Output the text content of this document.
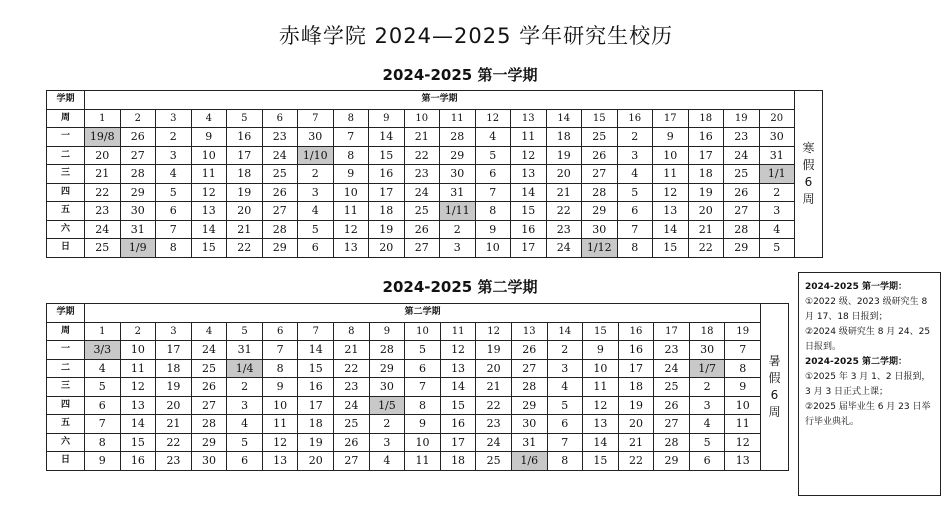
赤峰学院 2024—2025 学年研究生校历
2024-2025 第一学期
学期	第一学期																				寒
假
6
周

周	1	2	3	4	5	6	7	8	9	10	11	12	13	14	15	16	17	18	19	20	
一	19/8	26	2	9	16	23	30	7	14	21	28	4	11	18	25	2	9	16	23	30	
二	20	27	3	10	17	24	1/10	8	15	22	29	5	12	19	26	3	10	17	24	31	
三	21	28	4	11	18	25	2	9	16	23	30	6	13	20	27	4	11	18	25	1/1	
四	22	29	5	12	19	26	3	10	17	24	31	7	14	21	28	5	12	19	26	2	
五	23	30	6	13	20	27	4	11	18	25	1/11	8	15	22	29	6	13	20	27	3	
六	24	31	7	14	21	28	5	12	19	26	2	9	16	23	30	7	14	21	28	4	
日	25	1/9	8	15	22	29	6	13	20	27	3	10	17	24	1/12	8	15	22	29	5	
2024-2025 第二学期
学期	第二学期																			暑
假
6
周

周	1	2	3	4	5	6	7	8	9	10	11	12	13	14	15	16	17	18	19	
一	3/3	10	17	24	31	7	14	21	28	5	12	19	26	2	9	16	23	30	7	
二	4	11	18	25	1/4	8	15	22	29	6	13	20	27	3	10	17	24	1/7	8	
三	5	12	19	26	2	9	16	23	30	7	14	21	28	4	11	18	25	2	9	
四	6	13	20	27	3	10	17	24	1/5	8	15	22	29	5	12	19	26	3	10	
五	7	14	21	28	4	11	18	25	2	9	16	23	30	6	13	20	27	4	11	
六	8	15	22	29	5	12	19	26	3	10	17	24	31	7	14	21	28	5	12	
日	9	16	23	30	6	13	20	27	4	11	18	25	1/6	8	15	22	29	6	13	

2024-2025 第一学期：

①2022 级、2023 级研究生 8 月 17、18 日报到；

②2024 级研究生 8 月 24、25 日报到。

2024-2025 第二学期：

①2025 年 3 月 1、2 日报到，3 月 3 日正式上课；

②2025 届毕业生 6 月 23 日举行毕业典礼。
